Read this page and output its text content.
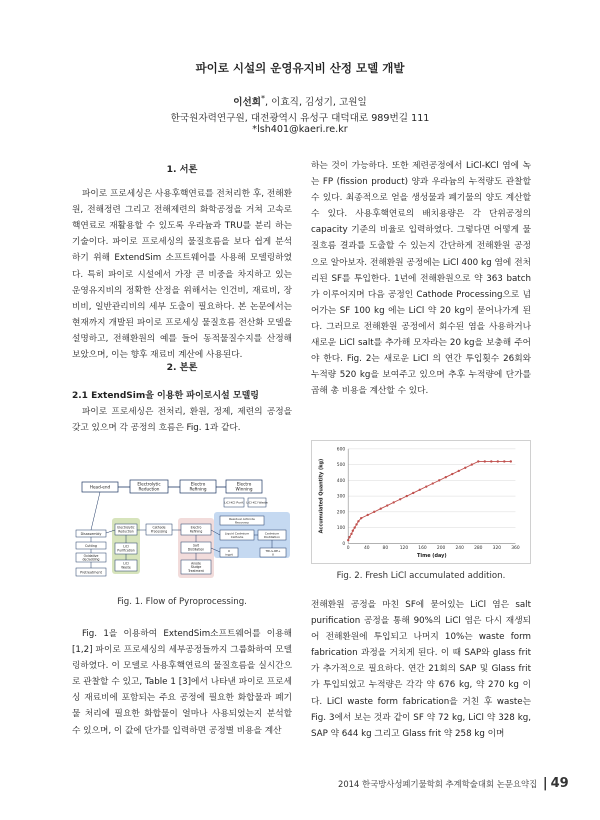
파이로 시설의 운영유지비 산정 모델 개발
이선희*, 이효직, 김성기, 고원일
한국원자력연구원, 대전광역시 유성구 대덕대로 989번길 111
*lsh401@kaeri.re.kr
1. 서론

파이로 프로세싱은 사용후핵연료를 전처리한 후, 전해환원, 전해정련 그리고 전해제련의 화학공정을 거쳐 고속로 핵연료로 재활용할 수 있도록 우라늄과 TRU를 분리 하는 기술이다. 파이로 프로세싱의 물질흐름을 보다 쉽게 분석하기 위해 ExtendSim 소프트웨어를 사용해 모델링하였다. 특히 파이로 시설에서 가장 큰 비중을 차지하고 있는 운영유지비의 정확한 산정을 위해서는 인건비, 재료비, 장비비, 일반관리비의 세부 도출이 필요하다. 본 논문에서는 현재까지 개발된 파이로 프로세싱 물질흐름 전산화 모델을 설명하고, 전해환원의 예를 들어 동적물질수지를 산정해 보았으며, 이는 향후 재료비 계산에 사용된다.

2. 본론
2.1 ExtendSim을 이용한 파이로시설 모델링

파이로 프로세싱은 전처리, 환원, 정제, 제련의 공정을 갖고 있으며 각 공정의 흐름은 Fig. 1과 같다.

Head-end
Electrolytic
Reduction
Electro
Refining
Electro
Winning
LiCl-KCl Purif. LiCl-KCl Waste
Disassembly
Cutting
Oxidative
decladding
Pretreatment
Electrolytic
Reduction
LiCl
Purification
LiCl
Waste
Cathode
Processing
Electro
Refining
Salt
Distillation
Anode
Sludge
Treatment
Residual Actinide
Recovery
Liquid Cadmium
Cathode
Cadmium
Distillation
U
ingot
TRU+RE+
U
Fig. 1. Flow of Pyroprocessing.

Fig. 1을 이용하여 ExtendSim소프트웨어를 이용해 [1,2] 파이로 프로세싱의 세부공정들까지 그룹화하여 모델링하였다. 이 모델로 사용후핵연료의 물질흐름을 실시간으로 관찰할 수 있고, Table 1 [3]에서 나타낸 파이로 프로세싱 재료비에 포함되는 주요 공정에 필요한 화합물과 폐기물 처리에 필요한 화합물이 얼마나 사용되었는지 분석할 수 있으며, 이 값에 단가를 입력하면 공정별 비용을 계산

하는 것이 가능하다. 또한 제련공정에서 LiCl-KCl 염에 녹는 FP (fission product) 양과 우라늄의 누적량도 관찰할 수 있다. 최종적으로 얻을 생성물과 폐기물의 양도 계산할 수 있다. 사용후핵연료의 배치용량은 각 단위공정의 capacity 기준의 비율로 입력하였다. 그렇다면 어떻게 물질흐름 결과를 도출할 수 있는지 간단하게 전해환원 공정으로 알아보자. 전해환원 공정에는 LiCl 400 kg 염에 전처리된 SF를 투입한다. 1년에 전해환원으로 약 363 batch가 이루어지며 다음 공정인 Cathode Processing으로 넘어가는 SF 100 kg 에는 LiCl 약 20 kg이 묻어나가게 된다. 그러므로 전해환원 공정에서 회수된 염을 사용하거나 새로운 LiCl salt를 추가해 모자라는 20 kg을 보충해 주어야 한다. Fig. 2는 새로운 LiCl 의 연간 투입횟수 26회와 누적량 520 kg을 보여주고 있으며 추후 누적량에 단가를 곱해 총 비용을 계산할 수 있다.

0
100
200
300
400
500
600
0	40	80	120 160 200 240 280 320 360
Time (day)
Accumulated Quantity (kg)
Fig. 2. Fresh LiCl accumulated addition.

전해환원 공정을 마친 SF에 묻어있는 LiCl 염은 salt purification 공정을 통해 90%의 LiCl 염은 다시 재생되어 전해환원에 투입되고 나머지 10%는 waste form fabrication 과정을 거치게 된다. 이 때 SAP와 glass frit가 추가적으로 필요하다. 연간 21회의 SAP 및 Glass frit가 투입되었고 누적량은 각각 약 676 kg, 약 270 kg 이다. LiCl waste form fabrication을 거친 후 waste는 Fig. 3에서 보는 것과 같이 SF 약 72 kg, LiCl 약 328 kg, SAP 약 644 kg 그리고 Glass frit 약 258 kg 이며

2014 한국방사성폐기물학회 추계학술대회 논문요약집 | 49
